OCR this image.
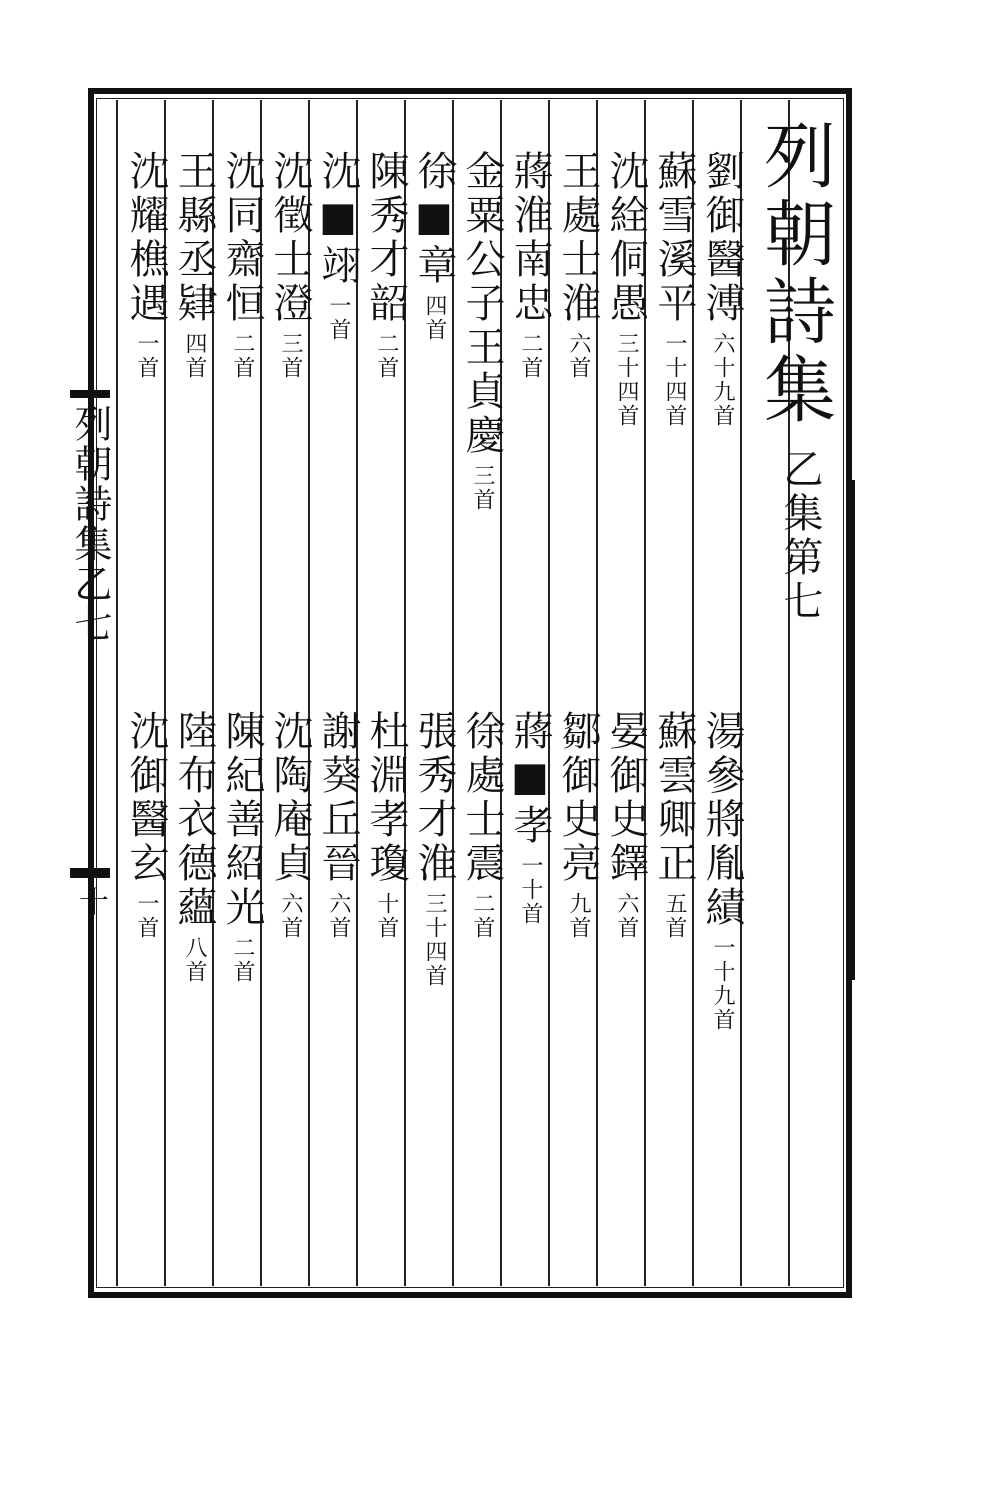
列朝詩集
乙集第七
列朝詩集乙七
十
劉御醫溥六十九首
蘇雪溪平一十四首
沈絟侗愚三十四首
王處士淮六首
蔣淮南忠二首
金粟公子王貞慶三首
徐■章四首
陳秀才韶二首
沈■翊一首
沈徵士澄三首
沈同齋恒二首
王縣丞肄四首
沈耀樵遇一首
湯參將胤績一十九首
蘇雲卿正五首
晏御史鐸六首
鄒御史亮九首
蔣■孝一十首
徐處士震二首
張秀才淮三十四首
杜淵孝瓊十首
謝葵丘晉六首
沈陶庵貞六首
陳紀善紹光二首
陸布衣德蘊八首
沈御醫玄一首
